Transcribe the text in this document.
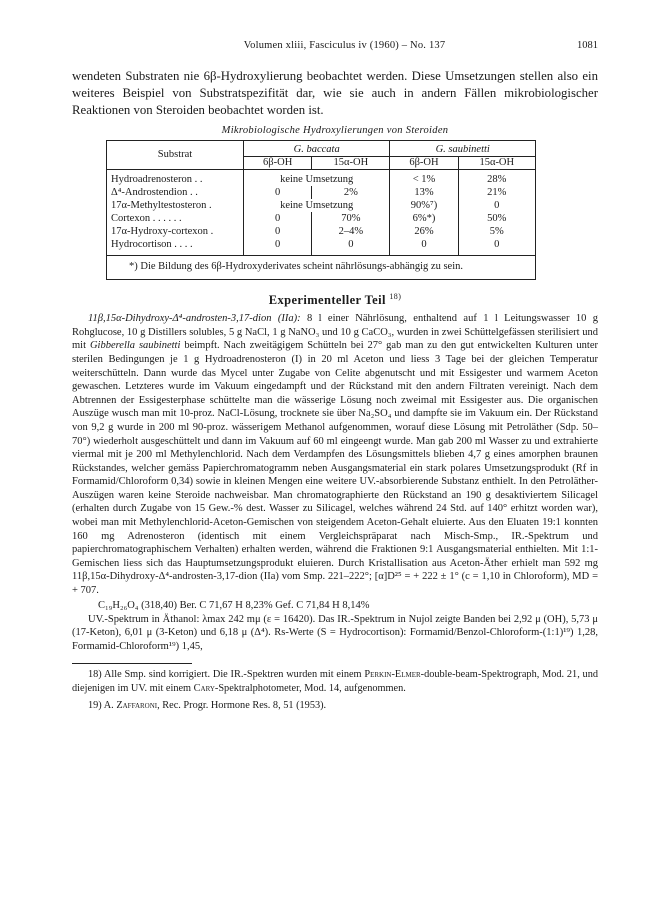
Volumen xliii, Fasciculus iv (1960) – No. 137	1081
wendeten Substraten nie 6β-Hydroxylierung beobachtet werden. Diese Umsetzungen stellen also ein weiteres Beispiel von Substratspezifität dar, wie sie auch in andern Fällen mikrobiologischer Reaktionen von Steroiden beobachtet worden ist.
Mikrobiologische Hydroxylierungen von Steroiden
Substrat	G. baccata		G. saubinetti	
	6β-OH	15α-OH	6β-OH	15α-OH
Hydroadrenosteron . .	keine Umsetzung		< 1%	28%
Δ⁴-Androstendion . .	0	2%	13%	21%
17α-Methyltestosteron .	keine Umsetzung		90%⁷)	0
Cortexon . . . . . .	0	70%	6%*)	50%
17α-Hydroxy-cortexon .	0	2–4%	26%	5%
Hydrocortison . . . .	0	0	0	0
*) Die Bildung des 6β-Hydroxyderivates scheint nährlösungs-abhängig zu sein.
Experimenteller Teil $^{18)}$

11β,15α-Dihydroxy-Δ⁴-androsten-3,17-dion (IIa): 8 l einer Nährlösung, enthaltend auf 1 l Leitungswasser 10 g Rohglucose, 10 g Distillers solubles, 5 g NaCl, 1 g NaNO₃ und 10 g CaCO₃, wurden in zwei Schüttelgefässen sterilisiert und mit Gibberella saubinetti beimpft. Nach zweitägigem Schütteln bei 27° gab man zu den gut entwickelten Kulturen unter sterilen Bedingungen je 1 g Hydroadrenosteron (I) in 20 ml Aceton und liess 3 Tage bei der gleichen Temperatur weiterschütteln. Dann wurde das Mycel unter Zugabe von Celite abgenutscht und mit Essigester und warmem Aceton gewaschen. Letzteres wurde im Vakuum eingedampft und der Rückstand mit den andern Filtraten vereinigt. Nach dem Abtrennen der Essigesterphase schüttelte man die wässerige Lösung noch zweimal mit Essigester aus. Die organischen Auszüge wusch man mit 10-proz. NaCl-Lösung, trocknete sie über Na₂SO₄ und dampfte sie im Vakuum ein. Der Rückstand von 9,2 g wurde in 200 ml 90-proz. wässerigem Methanol aufgenommen, worauf diese Lösung mit Petroläther (Sdp. 50–70°) wiederholt ausgeschüttelt und dann im Vakuum auf 60 ml eingeengt wurde. Man gab 200 ml Wasser zu und extrahierte viermal mit je 200 ml Methylenchlorid. Nach dem Verdampfen des Lösungsmittels blieben 4,7 g eines amorphen braunen Rückstandes, welcher gemäss Papierchromatogramm neben Ausgangsmaterial ein stark polares Umsetzungsprodukt (Rf in Formamid/Chloroform 0,34) sowie in kleinen Mengen eine weitere UV.-absorbierende Substanz enthielt. In den Petroläther-Auszügen waren keine Steroide nachweisbar. Man chromatographierte den Rückstand an 190 g desaktiviertem Silicagel (erhalten durch Zugabe von 15 Gew.-% dest. Wasser zu Silicagel, welches während 24 Std. auf 140° erhitzt worden war), wobei man mit Methylenchlorid-Aceton-Gemischen von steigendem Aceton-Gehalt eluierte. Aus den Eluaten 19:1 konnten 160 mg Adrenosteron (identisch mit einem Vergleichspräparat nach Misch-Smp., IR.-Spektrum und papierchromatographischem Verhalten) erhalten werden, während die Fraktionen 9:1 Ausgangsmaterial enthielten. Mit 1:1-Gemischen liess sich das Hauptumsetzungsprodukt eluieren. Durch Kristallisation aus Aceton-Äther erhielt man 592 mg 11β,15α-Dihydroxy-Δ⁴-androsten-3,17-dion (IIa) vom Smp. 221–222°; [α]D²⁵ = + 222 ± 1° (c = 1,10 in Chloroform), MD = + 707.

C₁₉H₂₆O₄ (318,40) Ber. C 71,67 H 8,23% Gef. C 71,84 H 8,14%

UV.-Spektrum in Äthanol: λmax 242 mμ (ε = 16420). Das IR.-Spektrum in Nujol zeigte Banden bei 2,92 μ (OH), 5,73 μ (17-Keton), 6,01 μ (3-Keton) und 6,18 μ (Δ⁴). Rs-Werte (S = Hydrocortison): Formamid/Benzol-Chloroform-(1:1)¹⁹) 1,28, Formamid-Chloroform¹⁹) 1,45,

18) Alle Smp. sind korrigiert. Die IR.-Spektren wurden mit einem Perkin-Elmer-double-beam-Spektrograph, Mod. 21, und diejenigen im UV. mit einem Cary-Spektralphotometer, Mod. 14, aufgenommen.

19) A. Zaffaroni, Rec. Progr. Hormone Res. 8, 51 (1953).
